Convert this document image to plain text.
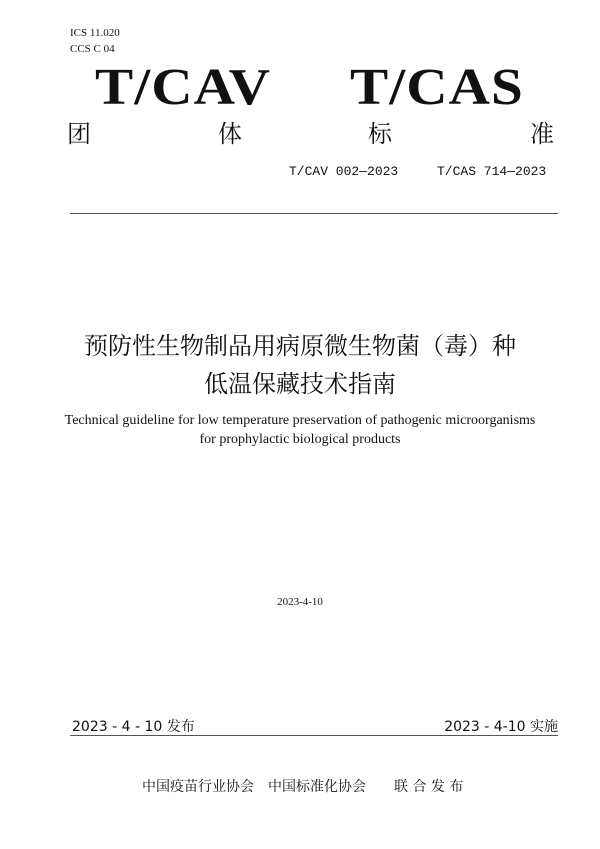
ICS 11.020
CCS C 04
T/CAV T/CAS
团	体	标	准
T/CAV 002—2023	T/CAS 714—2023
预防性生物制品用病原微生物菌（毒）种
低温保藏技术指南
Technical guideline for low temperature preservation of pathogenic microorganisms
for prophylactic biological products
2023-4-10
2023 - 4 - 10 发布	2023 - 4-10 实施
中国疫苗行业协会 中国标准化协会 联 合 发 布
